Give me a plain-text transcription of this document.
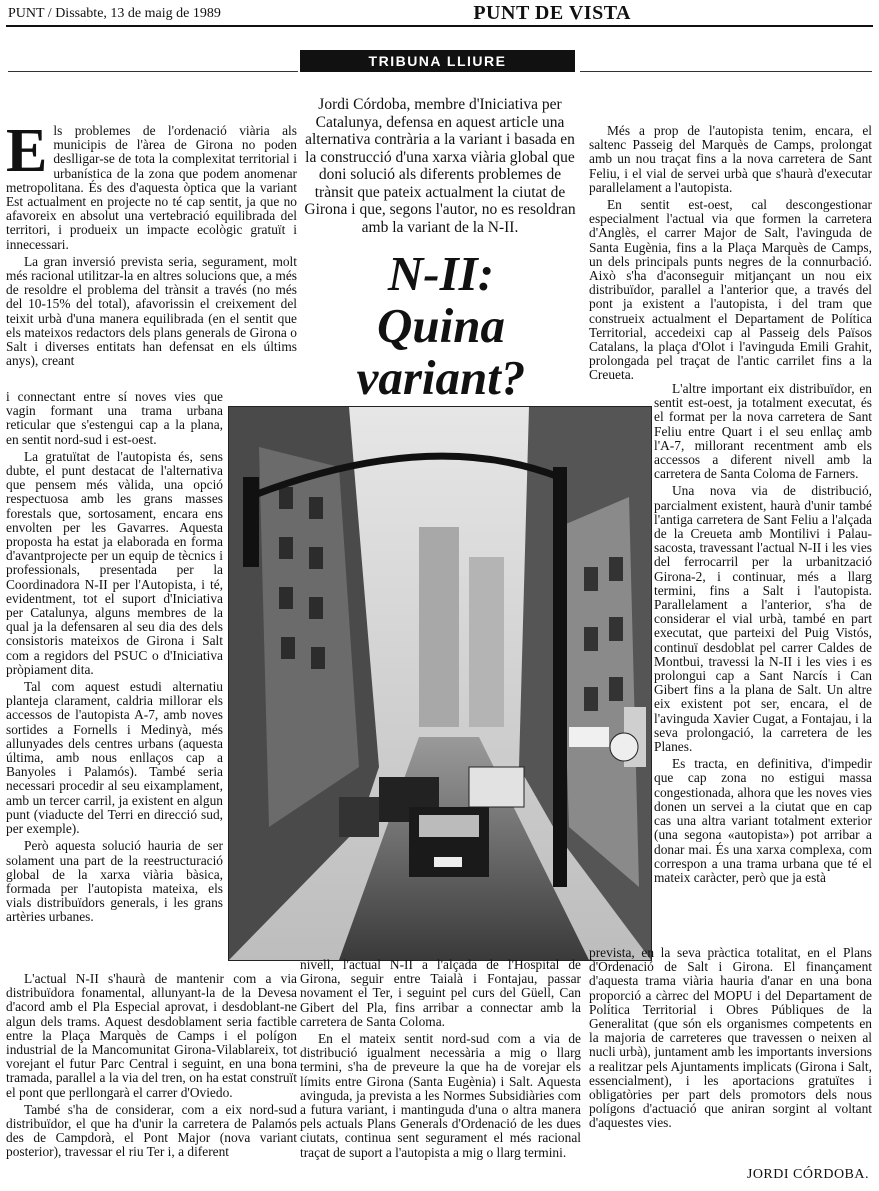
PUNT / Dissabte, 13 de maig de 1989	PUNT DE VISTA
TRIBUNA LLIURE

E ls problemes de l'ordenació viària als municipis de l'àrea de Girona no poden deslligar-se de tota la complexitat territorial i urbanística de la zona que podem anomenar metropolitana. És des d'aquesta òptica que la variant Est actualment en projecte no té cap sentit, ja que no afavoreix en absolut una vertebració equilibrada del territori, i produeix un impacte ecològic gratuït i innecessari.

La gran inversió prevista seria, segurament, molt més racional utilitzar-la en altres solucions que, a més de resoldre el problema del trànsit a través (no més del 10-15% del total), afavorissin el creixement del teixit urbà d'una manera equilibrada (en el sentit que els mateixos redactors dels plans generals de Girona o Salt i diverses entitats han defensat en els últims anys), creant

i connectant entre sí noves vies que vagin formant una trama urbana reticular que s'estengui cap a la plana, en sentit nord-sud i est-oest.

La gratuïtat de l'autopista és, sens dubte, el punt destacat de l'alternativa que pensem més vàlida, una opció respectuosa amb les grans masses forestals que, sortosament, encara ens envolten per les Gavarres. Aquesta proposta ha estat ja elaborada en forma d'avantprojecte per un equip de tècnics i professionals, presentada per la Coordinadora N-II per l'Autopista, i té, evidentment, tot el suport d'Iniciativa per Catalunya, alguns membres de la qual ja la defensaren al seu dia des dels consistoris mateixos de Girona i Salt com a regidors del PSUC o d'Iniciativa pròpiament dita.

Tal com aquest estudi alternatiu planteja clarament, caldria millorar els accessos de l'autopista A-7, amb noves sortides a Fornells i Medinyà, més allunyades dels centres urbans (aquesta última, amb nous enllaços cap a Banyoles i Palamós). També seria necessari procedir al seu eixamplament, amb un tercer carril, ja existent en algun punt (viaducte del Terri en direcció sud, per exemple).

Però aquesta solució hauria de ser solament una part de la reestructuració global de la xarxa viària bàsica, formada per l'autopista mateixa, els vials distribuïdors generals, i les grans artèries urbanes.

L'actual N-II s'haurà de mantenir com a via distribuïdora fonamental, allunyant-la de la Devesa d'acord amb el Pla Especial aprovat, i desdoblant-ne algun dels trams. Aquest desdoblament seria factible entre la Plaça Marquès de Camps i el polígon industrial de la Mancomunitat Girona-Vilablareix, tot vorejant el futur Parc Central i seguint, en una bona tramada, parallel a la via del tren, on ha estat construït el pont que perllongarà el carrer d'Oviedo.

També s'ha de considerar, com a eix nord-sud distribuïdor, el que ha d'unir la carretera de Palamós des de Campdorà, el Pont Major (nova variant posterior), travessar el riu Ter i, a diferent

Jordi Córdoba, membre d'Iniciativa per Catalunya, defensa en aquest article una alternativa contrària a la variant i basada en la construcció d'una xarxa viària global que doni solució als diferents problemes de trànsit que pateix actualment la ciutat de Girona i que, segons l'autor, no es resoldran amb la variant de la N-II.
N-II:
Quina
variant?

nivell, l'actual N-II a l'alçada de l'Hospital de Girona, seguir entre Taialà i Fontajau, passar novament el Ter, i seguint pel curs del Güell, Can Gibert del Pla, fins arribar a connectar amb la carretera de Santa Coloma.

En el mateix sentit nord-sud com a via de distribució igualment necessària a mig o llarg termini, s'ha de preveure la que ha de vorejar els límits entre Girona (Santa Eugènia) i Salt. Aquesta avinguda, ja prevista a les Normes Subsidiàries com a futura variant, i mantinguda d'una o altra manera pels actuals Plans Generals d'Ordenació de les dues ciutats, continua sent segurament el més racional traçat de suport a l'autopista a mig o llarg termini.

Més a prop de l'autopista tenim, encara, el saltenc Passeig del Marquès de Camps, prolongat amb un nou traçat fins a la nova carretera de Sant Feliu, i el vial de servei urbà que s'haurà d'executar parallelament a l'autopista.

En sentit est-oest, cal descongestionar especialment l'actual via que formen la carretera d'Anglès, el carrer Major de Salt, l'avinguda de Santa Eugènia, fins a la Plaça Marquès de Camps, un dels principals punts negres de la connurbació. Això s'ha d'aconseguir mitjançant un nou eix distribuïdor, parallel a l'anterior que, a través del pont ja existent a l'autopista, i del tram que construeix actualment el Departament de Política Territorial, accedeixi cap al Passeig dels Països Catalans, la plaça d'Olot i l'avinguda Emili Grahit, prolongada pel traçat de l'antic carrilet fins a la Creueta.

L'altre important eix distribuïdor, en sentit est-oest, ja totalment executat, és el format per la nova carretera de Sant Feliu entre Quart i el seu enllaç amb l'A-7, millorant recentment amb els accessos a diferent nivell amb la carretera de Santa Coloma de Farners.

Una nova via de distribució, parcialment existent, haurà d'unir també l'antiga carretera de Sant Feliu a l'alçada de la Creueta amb Montilivi i Palau-sacosta, travessant l'actual N-II i les vies del ferrocarril per la urbanització Girona-2, i continuar, més a llarg termini, fins a Salt i l'autopista. Parallelament a l'anterior, s'ha de considerar el vial urbà, també en part executat, que parteixi del Puig Vistós, continuï desdoblat pel carrer Caldes de Montbui, travessi la N-II i les vies i es prolongui cap a Sant Narcís i Can Gibert fins a la plana de Salt. Un altre eix existent pot ser, encara, el de l'avinguda Xavier Cugat, a Fontajau, i la seva prolongació, la carretera de les Planes.

Es tracta, en definitiva, d'impedir que cap zona no estigui massa congestionada, alhora que les noves vies donen un servei a la ciutat que en cap cas una altra variant totalment exterior (una segona «autopista») pot arribar a donar mai. És una xarxa complexa, com correspon a una trama urbana que té el mateix caràcter, però que ja està

prevista, en la seva pràctica totalitat, en el Plans d'Ordenació de Salt i Girona. El finançament d'aquesta trama viària hauria d'anar en una bona proporció a càrrec del MOPU i del Departament de Política Territorial i Obres Públiques de la Generalitat (que són els organismes competents en la majoria de carreteres que travessen o neixen al nucli urbà), juntament amb les importants inversions a realitzar pels Ajuntaments implicats (Girona i Salt, essencialment), i les aportacions gratuïtes i obligatòries per part dels promotors dels nous polígons d'actuació que aniran sorgint al voltant d'aquestes vies.

JORDI CÓRDOBA.
